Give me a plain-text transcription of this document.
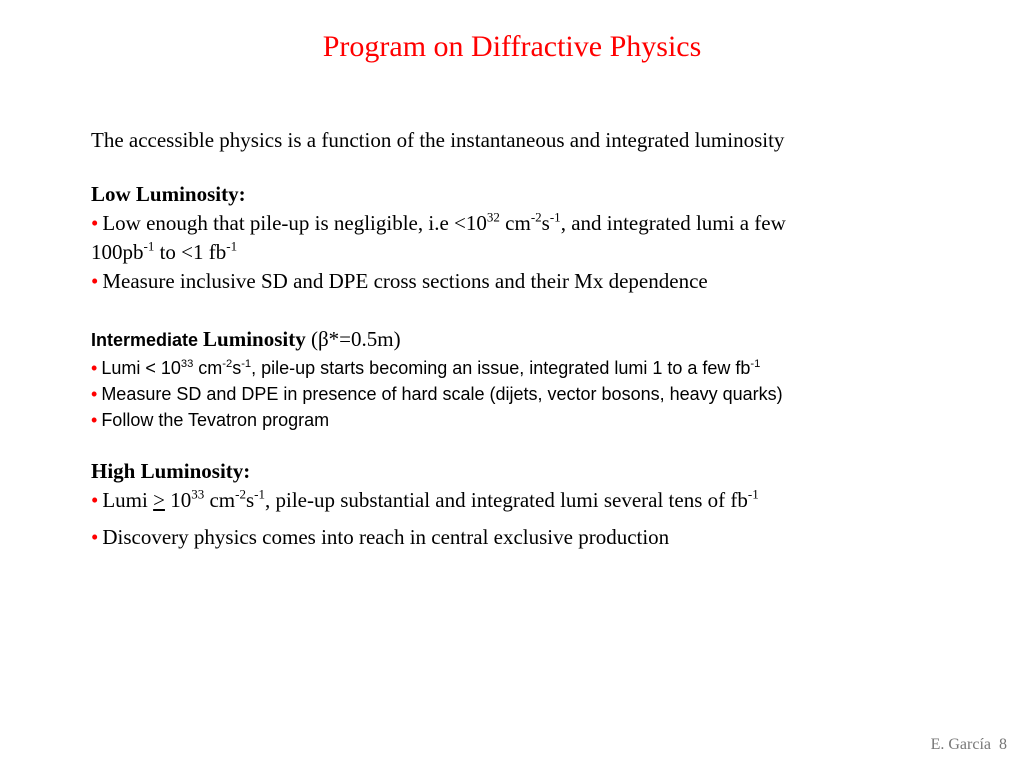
Program on Diffractive Physics

The accessible physics is a function of the instantaneous and integrated luminosity

Low Luminosity:

• Low enough that pile-up is negligible, $i.e <10^{32}$ $cm^{-2}s^{-1}$, and integrated lumi a few

$100pb^{-1}$ to <1 $fb^{-1}$

• Measure inclusive SD and DPE cross sections and their Mx dependence

Intermediate Luminosity (β*=0.5m)

• Lumi < $10^{33}$ $cm^{-2}s^{-1}$, pile-up starts becoming an issue, integrated lumi 1 to a few $fb^{-1}$

• Measure SD and DPE in presence of hard scale (dijets, vector bosons, heavy quarks)

• Follow the Tevatron program

High Luminosity:

• Lumi > $10^{33}$ $cm^{-2}s^{-1}$, pile-up substantial and integrated lumi several tens of $fb^{-1}$

• Discovery physics comes into reach in central exclusive production

E. García 8
